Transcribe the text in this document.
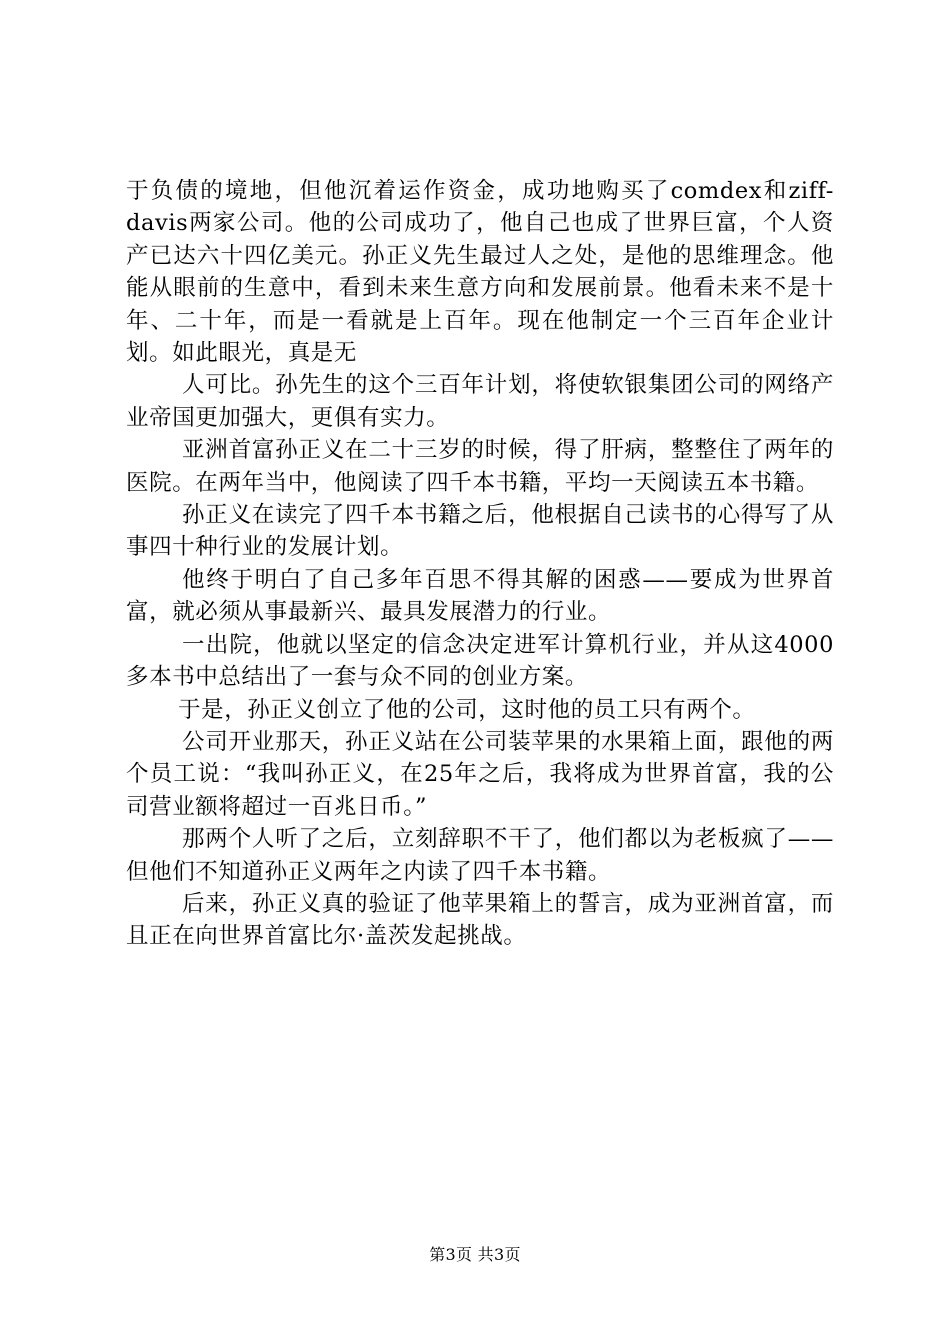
于负债的境地，但他沉着运作资金，成功地购买了comdex和ziff-davis两家公司。他的公司成功了，他自己也成了世界巨富，个人资产已达六十四亿美元。孙正义先生最过人之处，是他的思维理念。他能从眼前的生意中，看到未来生意方向和发展前景。他看未来不是十年、二十年，而是一看就是上百年。现在他制定一个三百年企业计划。如此眼光，真是无

人可比。孙先生的这个三百年计划，将使软银集团公司的网络产业帝国更加强大，更俱有实力。

亚洲首富孙正义在二十三岁的时候，得了肝病，整整住了两年的医院。在两年当中，他阅读了四千本书籍，平均一天阅读五本书籍。

孙正义在读完了四千本书籍之后，他根据自己读书的心得写了从事四十种行业的发展计划。

他终于明白了自己多年百思不得其解的困惑——要成为世界首富，就必须从事最新兴、最具发展潜力的行业。

一出院，他就以坚定的信念决定进军计算机行业，并从这4000多本书中总结出了一套与众不同的创业方案。

于是，孙正义创立了他的公司，这时他的员工只有两个。

公司开业那天，孙正义站在公司装苹果的水果箱上面，跟他的两个员工说：“我叫孙正义，在25年之后，我将成为世界首富，我的公司营业额将超过一百兆日币。”

那两个人听了之后，立刻辞职不干了，他们都以为老板疯了——但他们不知道孙正义两年之内读了四千本书籍。

后来，孙正义真的验证了他苹果箱上的誓言，成为亚洲首富，而且正在向世界首富比尔·盖茨发起挑战。

第3页 共3页
